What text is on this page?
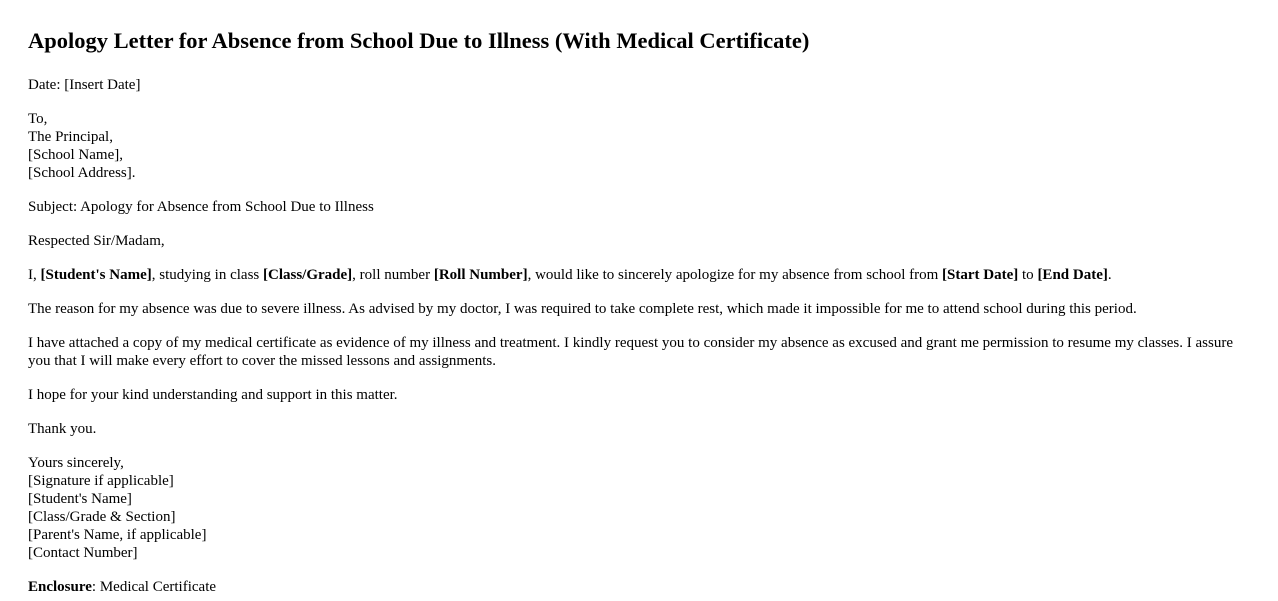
Apology Letter for Absence from School Due to Illness (With Medical Certificate)

Date: [Insert Date]

To,
The Principal,
[School Name],
[School Address].

Subject: Apology for Absence from School Due to Illness

Respected Sir/Madam,

I, [Student's Name], studying in class [Class/Grade], roll number [Roll Number], would like to sincerely apologize for my absence from school from [Start Date] to [End Date].

The reason for my absence was due to severe illness. As advised by my doctor, I was required to take complete rest, which made it impossible for me to attend school during this period.

I have attached a copy of my medical certificate as evidence of my illness and treatment. I kindly request you to consider my absence as excused and grant me permission to resume my classes. I assure you that I will make every effort to cover the missed lessons and assignments.

I hope for your kind understanding and support in this matter.

Thank you.

Yours sincerely,
[Signature if applicable]
[Student's Name]
[Class/Grade & Section]
[Parent's Name, if applicable]
[Contact Number]

Enclosure: Medical Certificate
